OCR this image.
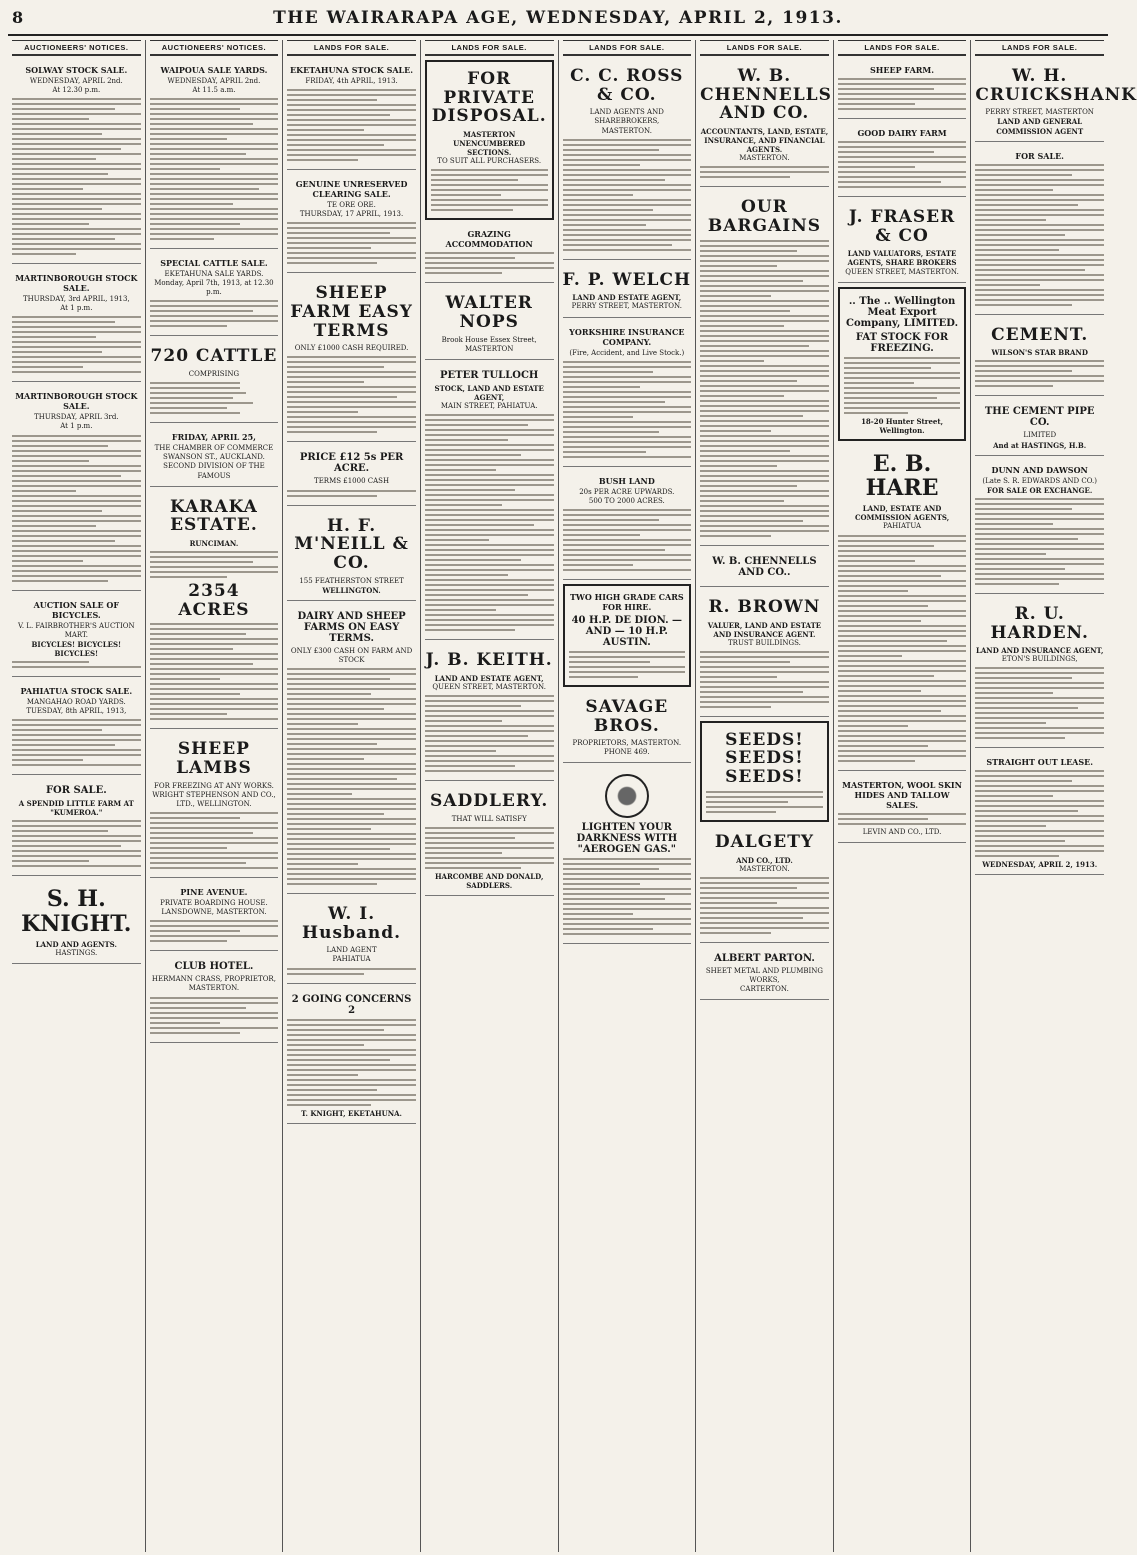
8	THE WAIRARAPA AGE, WEDNESDAY, APRIL 2, 1913.
AUCTIONEERS' NOTICES.
SOLWAY STOCK SALE.
WEDNESDAY, APRIL 2nd.
At 12.30 p.m.
MARTINBOROUGH STOCK SALE.
THURSDAY, 3rd APRIL, 1913,
At 1 p.m.
MARTINBOROUGH STOCK SALE.
THURSDAY, APRIL 3rd.
At 1 p.m.
AUCTION SALE OF BICYCLES.
V. L. FAIRBROTHER'S AUCTION MART.
BICYCLES! BICYCLES! BICYCLES!
PAHIATUA STOCK SALE.
MANGAHAO ROAD YARDS.
TUESDAY, 8th APRIL, 1913,
FOR SALE.
A SPENDID LITTLE FARM AT "KUMEROA."
S. H. KNIGHT.
LAND AND AGENTS.
HASTINGS.
AUCTIONEERS' NOTICES.
WAIPOUA SALE YARDS.
WEDNESDAY, APRIL 2nd.
At 11.5 a.m.
SPECIAL CATTLE SALE.
EKETAHUNA SALE YARDS.
Monday, April 7th, 1913, at 12.30 p.m.
720 CATTLE
COMPRISING
FRIDAY, APRIL 25,
THE CHAMBER OF COMMERCE SWANSON ST., AUCKLAND.
SECOND DIVISION OF THE FAMOUS
KARAKA ESTATE.
RUNCIMAN.
2354 ACRES
SHEEP LAMBS
FOR FREEZING AT ANY WORKS.
WRIGHT STEPHENSON AND CO., LTD., WELLINGTON.
PINE AVENUE.
PRIVATE BOARDING HOUSE.
LANSDOWNE, MASTERTON.
CLUB HOTEL.
HERMANN CRASS, PROPRIETOR,
MASTERTON.
LANDS FOR SALE.
EKETAHUNA STOCK SALE.
FRIDAY, 4th APRIL, 1913.
GENUINE UNRESERVED CLEARING SALE.
TE ORE ORE.
THURSDAY, 17 APRIL, 1913.
SHEEP FARM EASY TERMS
ONLY £1000 CASH REQUIRED.
PRICE £12 5s PER ACRE.
TERMS £1000 CASH
H. F. M'NEILL & CO.
155 FEATHERSTON STREET
WELLINGTON.
DAIRY AND SHEEP FARMS ON EASY TERMS.
ONLY £300 CASH ON FARM AND STOCK
W. I. Husband.
LAND AGENT
PAHIATUA
2 GOING CONCERNS 2
T. KNIGHT, EKETAHUNA.
LANDS FOR SALE.
FOR PRIVATE DISPOSAL.
MASTERTON UNENCUMBERED SECTIONS.
TO SUIT ALL PURCHASERS.
GRAZING ACCOMMODATION
WALTER NOPS
Brook House Essex Street,
MASTERTON
PETER TULLOCH
STOCK, LAND AND ESTATE AGENT,
MAIN STREET, PAHIATUA.
J. B. KEITH.
LAND AND ESTATE AGENT,
QUEEN STREET, MASTERTON.
SADDLERY.
THAT WILL SATISFY
HARCOMBE AND DONALD, SADDLERS.
LANDS FOR SALE.
C. C. ROSS & CO.
LAND AGENTS AND SHAREBROKERS,
MASTERTON.
F. P. WELCH
LAND AND ESTATE AGENT,
PERRY STREET, MASTERTON.
YORKSHIRE INSURANCE COMPANY.
(Fire, Accident, and Live Stock.)
BUSH LAND
20s PER ACRE UPWARDS.
500 TO 2000 ACRES.
TWO HIGH GRADE CARS FOR HIRE.
40 H.P. DE DION. — AND — 10 H.P. AUSTIN.
SAVAGE BROS.
PROPRIETORS, MASTERTON.
PHONE 469.
LIGHTEN YOUR DARKNESS WITH "AEROGEN GAS."
LANDS FOR SALE.
W. B. CHENNELLS AND CO.
ACCOUNTANTS, LAND, ESTATE, INSURANCE, AND FINANCIAL AGENTS.
MASTERTON.
OUR BARGAINS
W. B. CHENNELLS AND CO..
R. BROWN
VALUER, LAND AND ESTATE AND INSURANCE AGENT.
TRUST BUILDINGS.
SEEDS! SEEDS! SEEDS!
DALGETY
AND CO., LTD.
MASTERTON.
ALBERT PARTON.
SHEET METAL AND PLUMBING WORKS,
CARTERTON.
LANDS FOR SALE.
SHEEP FARM.
GOOD DAIRY FARM
J. FRASER & CO
LAND VALUATORS, ESTATE AGENTS, SHARE BROKERS
QUEEN STREET, MASTERTON.
.. The .. Wellington Meat Export Company, LIMITED.
FAT STOCK FOR FREEZING.
18-20 Hunter Street, Wellington.
E. B. HARE
LAND, ESTATE AND COMMISSION AGENTS,
PAHIATUA
MASTERTON, WOOL SKIN HIDES AND TALLOW SALES.
LEVIN AND CO., LTD.
LANDS FOR SALE.
W. H. CRUICKSHANK
PERRY STREET, MASTERTON
LAND AND GENERAL COMMISSION AGENT
FOR SALE.
CEMENT.
WILSON'S STAR BRAND
THE CEMENT PIPE CO.
LIMITED
And at HASTINGS, H.B.
DUNN AND DAWSON
(Late S. R. EDWARDS AND CO.)
FOR SALE OR EXCHANGE.
R. U. HARDEN.
LAND AND INSURANCE AGENT,
ETON'S BUILDINGS,
STRAIGHT OUT LEASE.
WEDNESDAY, APRIL 2, 1913.
